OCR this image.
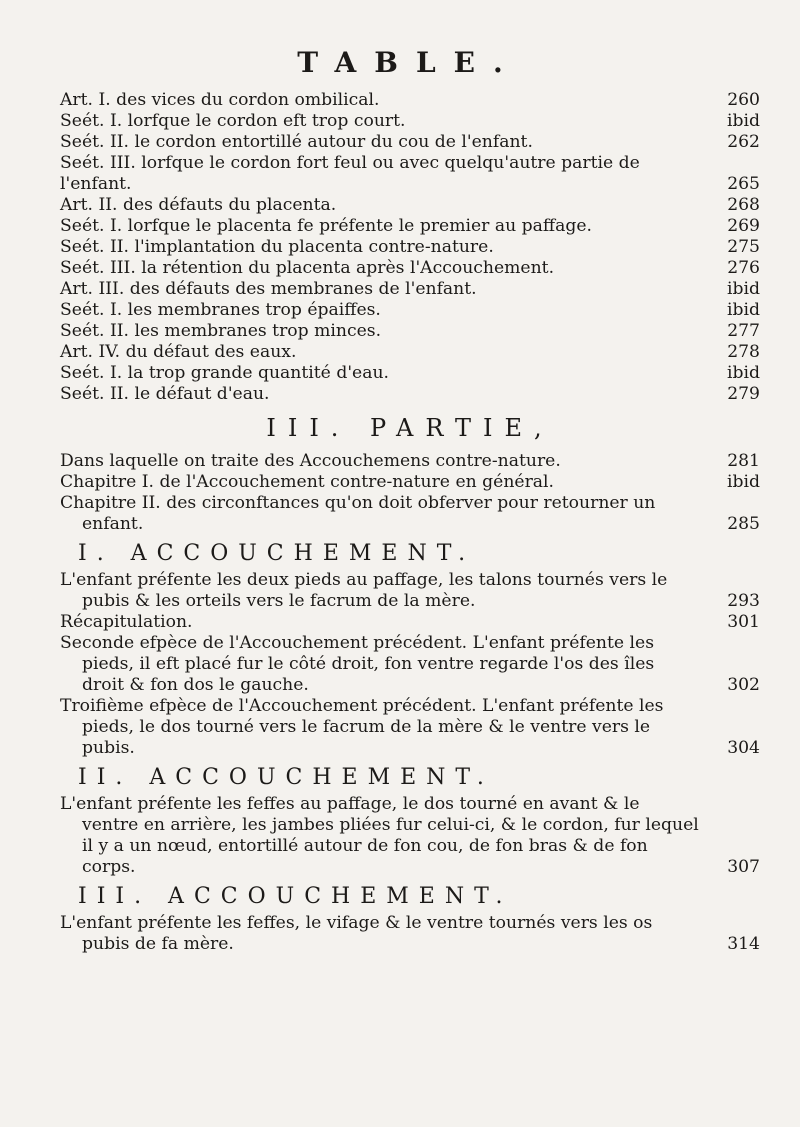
TABLE.
Art. I. des vices du cordon ombilical.	260
Seét. I. lorfque le cordon eft trop court.	ibid
Seét. II. le cordon entortillé autour du cou de l'enfant.	262
Seét. III. lorfque le cordon fort feul ou avec quelqu'autre partie de l'enfant.	265
Art. II. des défauts du placenta.	268
Seét. I. lorfque le placenta fe préfente le premier au paffage.	269
Seét. II. l'implantation du placenta contre-nature.	275
Seét. III. la rétention du placenta après l'Accouchement.	276
Art. III. des défauts des membranes de l'enfant.	ibid
Seét. I. les membranes trop épaiffes.	ibid
Seét. II. les membranes trop minces.	277
Art. IV. du défaut des eaux.	278
Seét. I. la trop grande quantité d'eau.	ibid
Seét. II. le défaut d'eau.	279
III. PARTIE,
Dans laquelle on traite des Accouchemens contre-nature.	281
Chapitre I. de l'Accouchement contre-nature en général.	ibid
Chapitre II. des circonftances qu'on doit obferver pour retourner un enfant.	285
I. ACCOUCHEMENT.
L'enfant préfente les deux pieds au paffage, les talons tournés vers le pubis & les orteils vers le facrum de la mère.	293
Récapitulation.	301
Seconde efpèce de l'Accouchement précédent. L'enfant préfente les pieds, il eft placé fur le côté droit, fon ventre regarde l'os des îles droit & fon dos le gauche.	302
Troifième efpèce de l'Accouchement précédent. L'enfant préfente les pieds, le dos tourné vers le facrum de la mère & le ventre vers le pubis.	304
II. ACCOUCHEMENT.
L'enfant préfente les feffes au paffage, le dos tourné en avant & le ventre en arrière, les jambes pliées fur celui-ci, & le cordon, fur lequel il y a un nœud, entortillé autour de fon cou, de fon bras & de fon corps.	307
III. ACCOUCHEMENT.
L'enfant préfente les feffes, le vifage & le ventre tournés vers les os pubis de fa mère.	314
